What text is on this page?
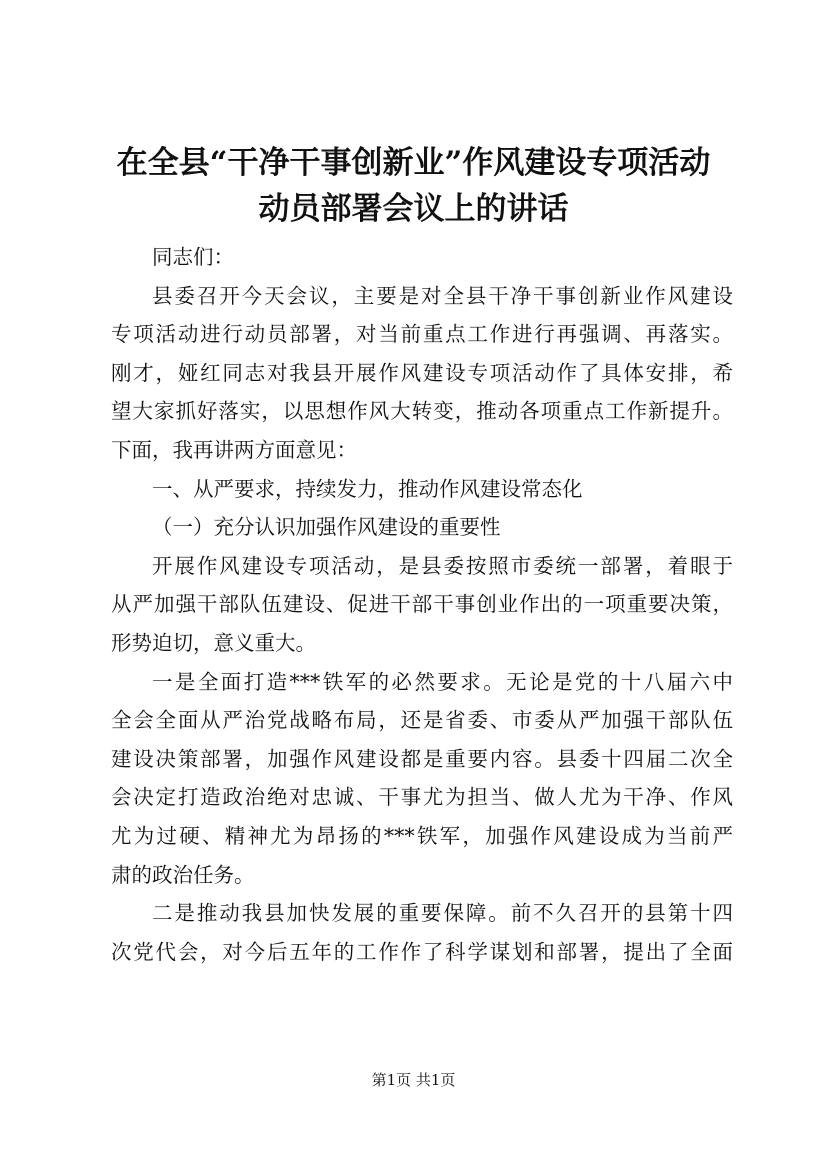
在全县“干净干事创新业”作风建设专项活动
动员部署会议上的讲话

同志们：

县委召开今天会议，主要是对全县干净干事创新业作风建设
专项活动进行动员部署，对当前重点工作进行再强调、再落实。
刚才，娅红同志对我县开展作风建设专项活动作了具体安排，希
望大家抓好落实，以思想作风大转变，推动各项重点工作新提升。
下面，我再讲两方面意见：

一、从严要求，持续发力，推动作风建设常态化

（一）充分认识加强作风建设的重要性

开展作风建设专项活动，是县委按照市委统一部署，着眼于
从严加强干部队伍建设、促进干部干事创业作出的一项重要决策，
形势迫切，意义重大。

一是全面打造***铁军的必然要求。无论是党的十八届六中
全会全面从严治党战略布局，还是省委、市委从严加强干部队伍
建设决策部署，加强作风建设都是重要内容。县委十四届二次全
会决定打造政治绝对忠诚、干事尤为担当、做人尤为干净、作风
尤为过硬、精神尤为昂扬的***铁军，加强作风建设成为当前严
肃的政治任务。

二是推动我县加快发展的重要保障。前不久召开的县第十四
次党代会，对今后五年的工作作了科学谋划和部署，提出了全面

第1页 共1页
